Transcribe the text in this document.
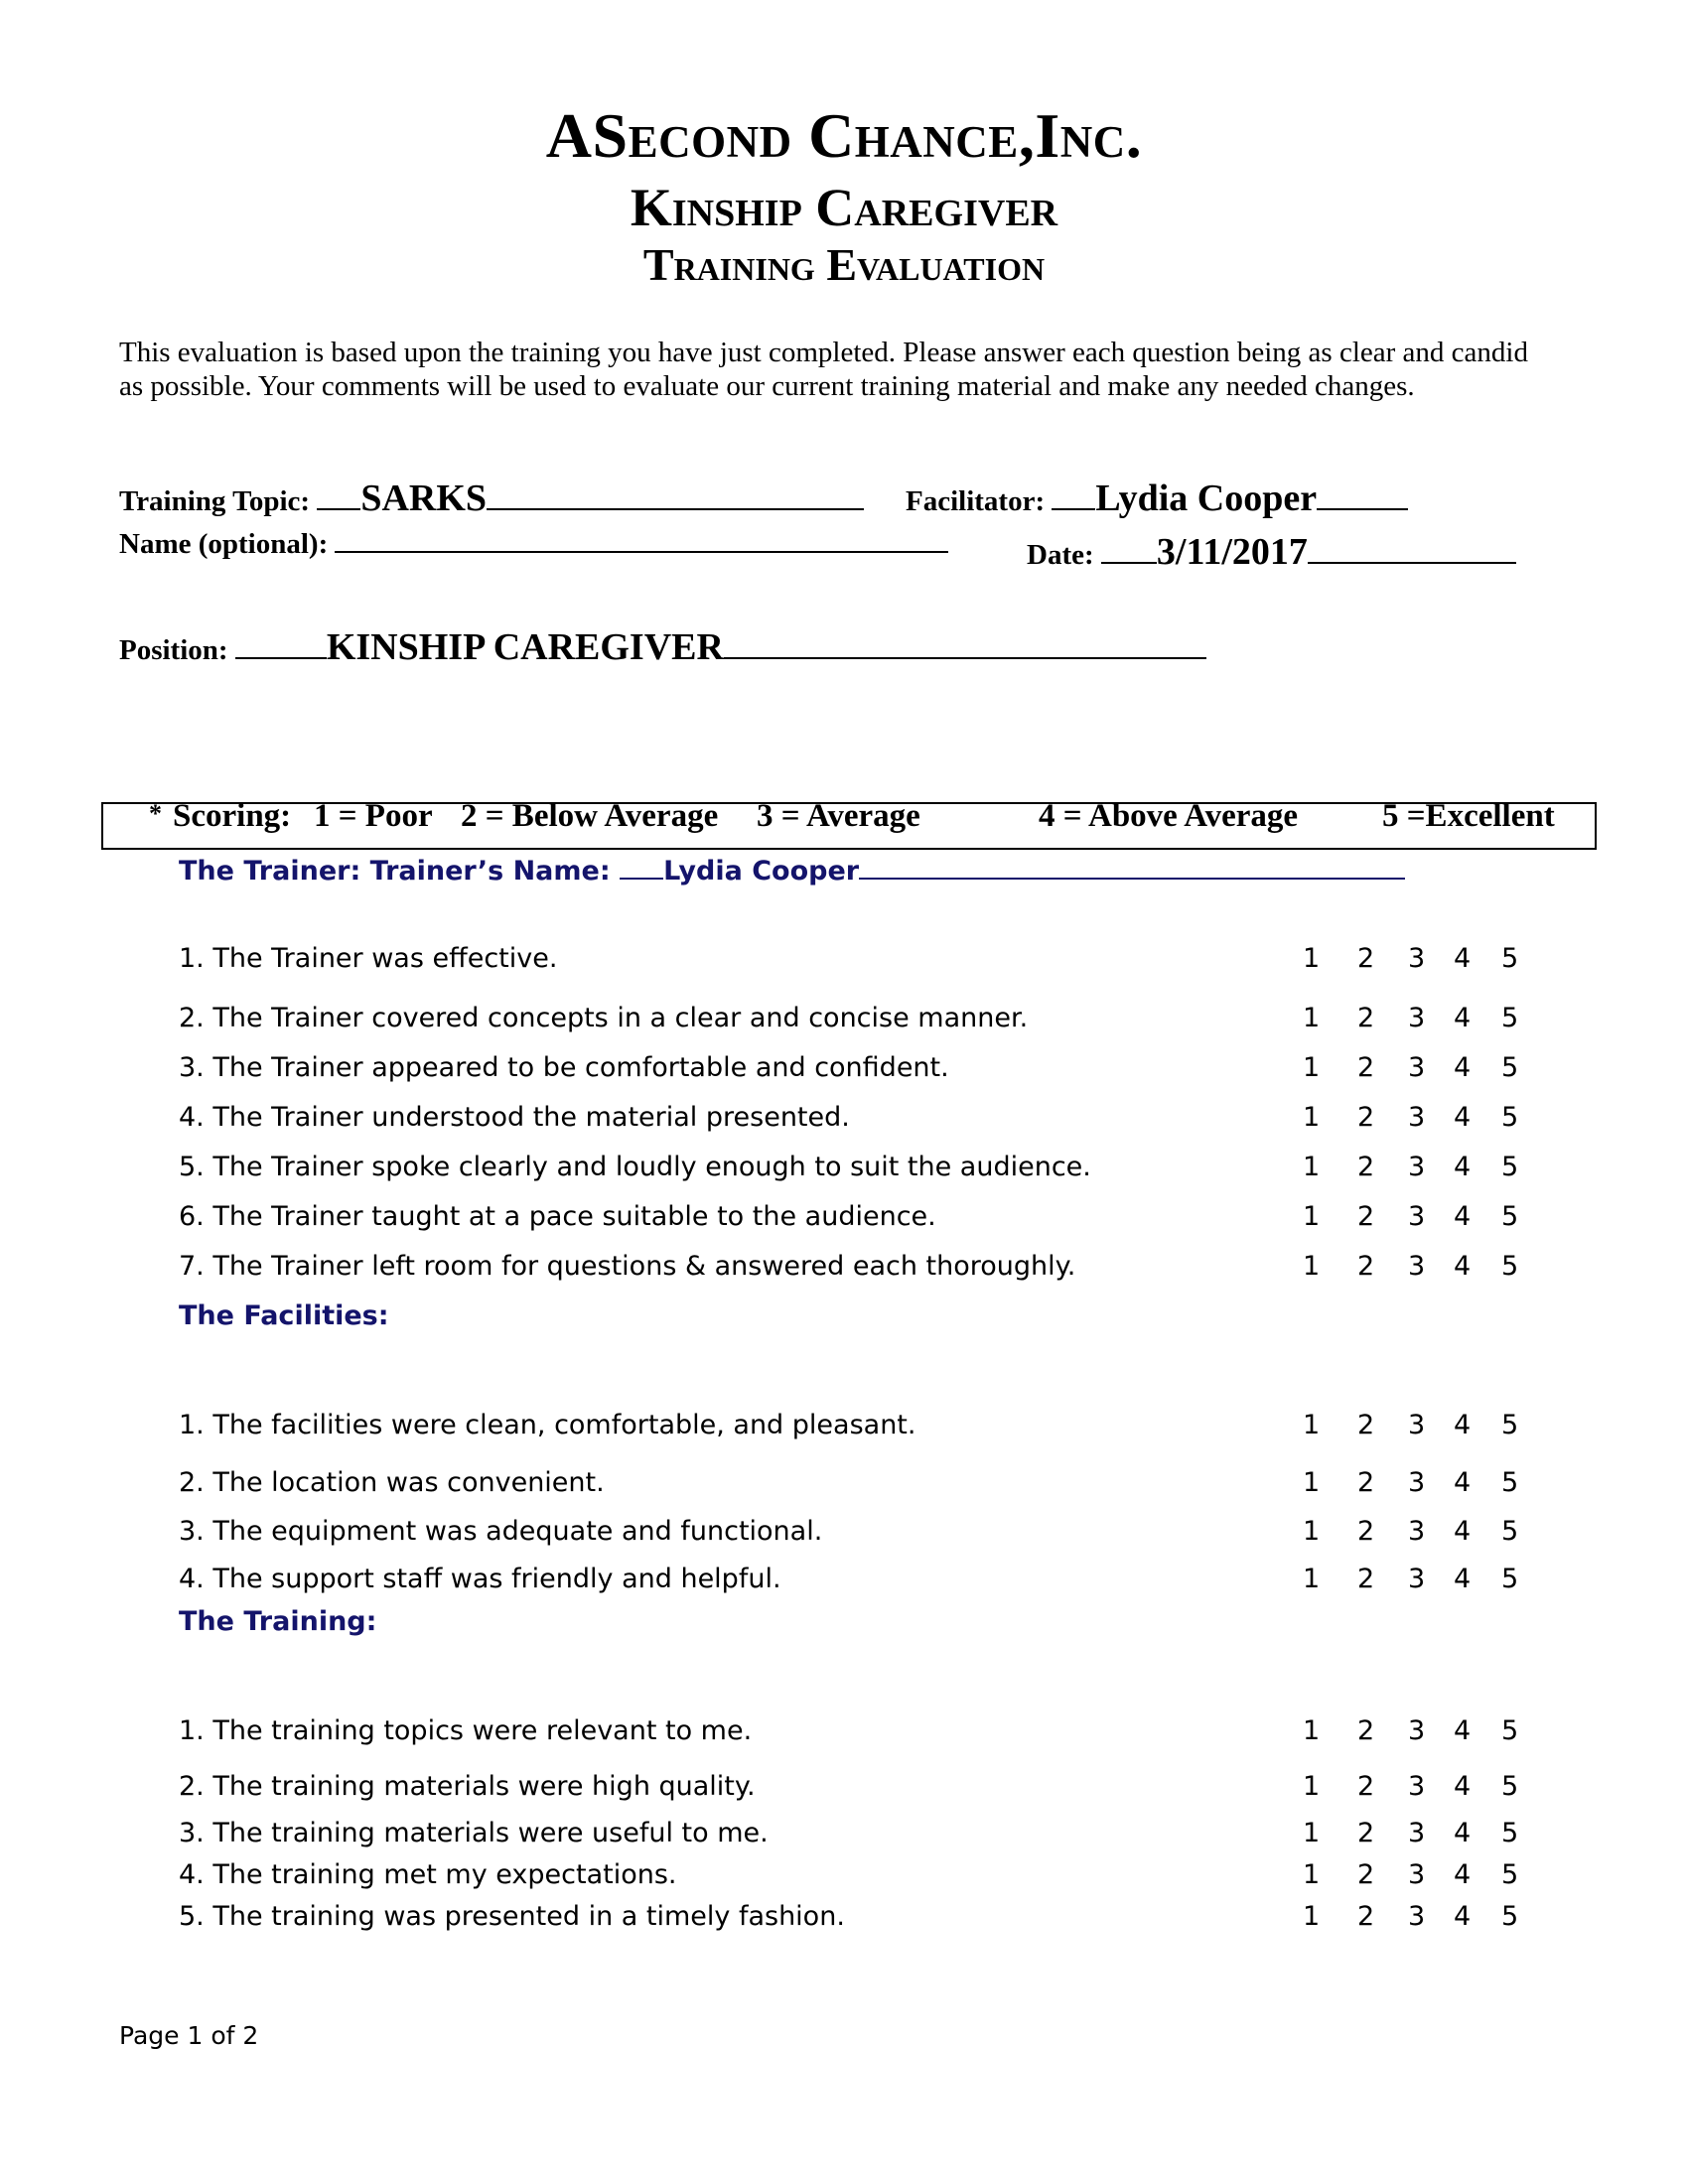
ASecond Chance,Inc.
Kinship Caregiver
Training Evaluation
This evaluation is based upon the training you have just completed. Please answer each question being as clear and candid as possible. Your comments will be used to evaluate our current training material and make any needed changes.
Training Topic: SARKS	Facilitator: Lydia Cooper
Name (optional):	Date: 3/11/2017
Position:	KINSHIP CAREGIVER
* Scoring: 1 = Poor 2 = Below Average 3 = Average	4 = Above Average	5 =Excellent
The Trainer: Trainer’s Name: Lydia Cooper
The Facilities:
The Training:
1. The Trainer was effective.	1 2 3 4 5
2. The Trainer covered concepts in a clear and concise manner.	1 2 3 4 5
3. The Trainer appeared to be comfortable and confident.	1 2 3 4 5
4. The Trainer understood the material presented.	1 2 3 4 5
5. The Trainer spoke clearly and loudly enough to suit the audience.	1 2 3 4 5
6. The Trainer taught at a pace suitable to the audience.	1 2 3 4 5
7. The Trainer left room for questions & answered each thoroughly.	1 2 3 4 5
1. The facilities were clean, comfortable, and pleasant.	1 2 3 4 5
2. The location was convenient.	1 2 3 4 5
3. The equipment was adequate and functional.	1 2 3 4 5
4. The support staff was friendly and helpful.	1 2 3 4 5
1. The training topics were relevant to me.	1 2 3 4 5
2. The training materials were high quality.	1 2 3 4 5
3. The training materials were useful to me.	1 2 3 4 5
4. The training met my expectations.	1 2 3 4 5
5. The training was presented in a timely fashion.	1 2 3 4 5
Page 1 of 2
